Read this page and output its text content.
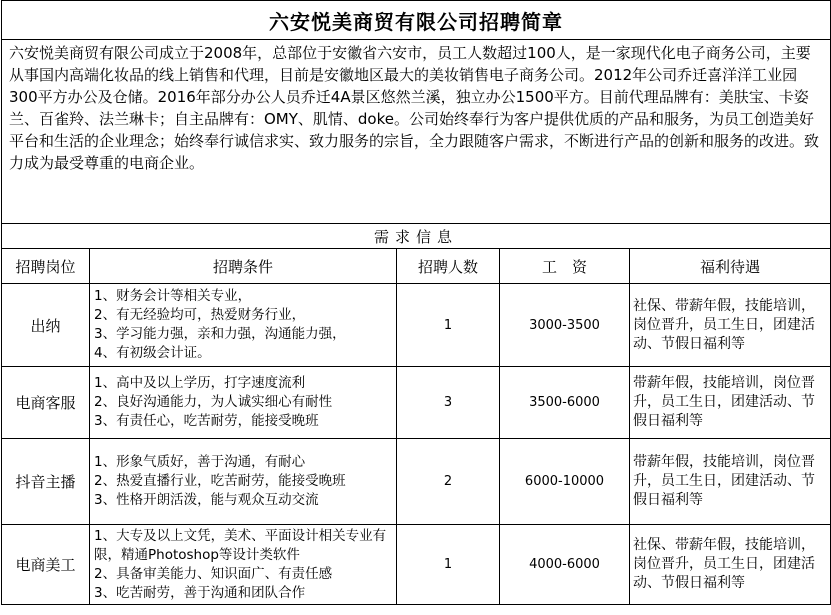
六安悦美商贸有限公司招聘简章				
六安悦美商贸有限公司成立于2008年，总部位于安徽省六安市，员工人数超过100人，是一家现代化电子商务公司，主要从事国内高端化妆品的线上销售和代理，目前是安徽地区最大的美妆销售电子商务公司。2012年公司乔迁喜洋洋工业园300平方办公及仓储。2016年部分办公人员乔迁4A景区悠然兰溪，独立办公1500平方。目前代理品牌有：美肤宝、卡姿兰、百雀羚、法兰琳卡；自主品牌有：OMY、肌情、doke。公司始终奉行为客户提供优质的产品和服务，为员工创造美好平台和生活的企业理念；始终奉行诚信求实、致力服务的宗旨，全力跟随客户需求，不断进行产品的创新和服务的改进。致力成为最受尊重的电商企业。				
需求信息				
招聘岗位	招聘条件	招聘人数	工　资	福利待遇
出纳	1、财务会计等相关专业，
2、有无经验均可，热爱财务行业，
3、学习能力强，亲和力强，沟通能力强，
4、有初级会计证。	1	3000-3500	社保、带薪年假，技能培训，岗位晋升，员工生日，团建活动、节假日福利等
电商客服	1、高中及以上学历，打字速度流利
2、良好沟通能力，为人诚实细心有耐性
3、有责任心，吃苦耐劳，能接受晚班	3	3500-6000	带薪年假，技能培训，岗位晋升，员工生日，团建活动、节假日福利等
抖音主播	1、形象气质好，善于沟通，有耐心
2、热爱直播行业，吃苦耐劳，能接受晚班
3、性格开朗活泼，能与观众互动交流	2	6000-10000	带薪年假，技能培训，岗位晋升，员工生日，团建活动、节假日福利等
电商美工	1、大专及以上文凭，美术、平面设计相关专业有限，精通Photoshop等设计类软件
2、具备审美能力、知识面广、有责任感
3、吃苦耐劳，善于沟通和团队合作	1	4000-6000	社保、带薪年假，技能培训，岗位晋升，员工生日，团建活动、节假日福利等
